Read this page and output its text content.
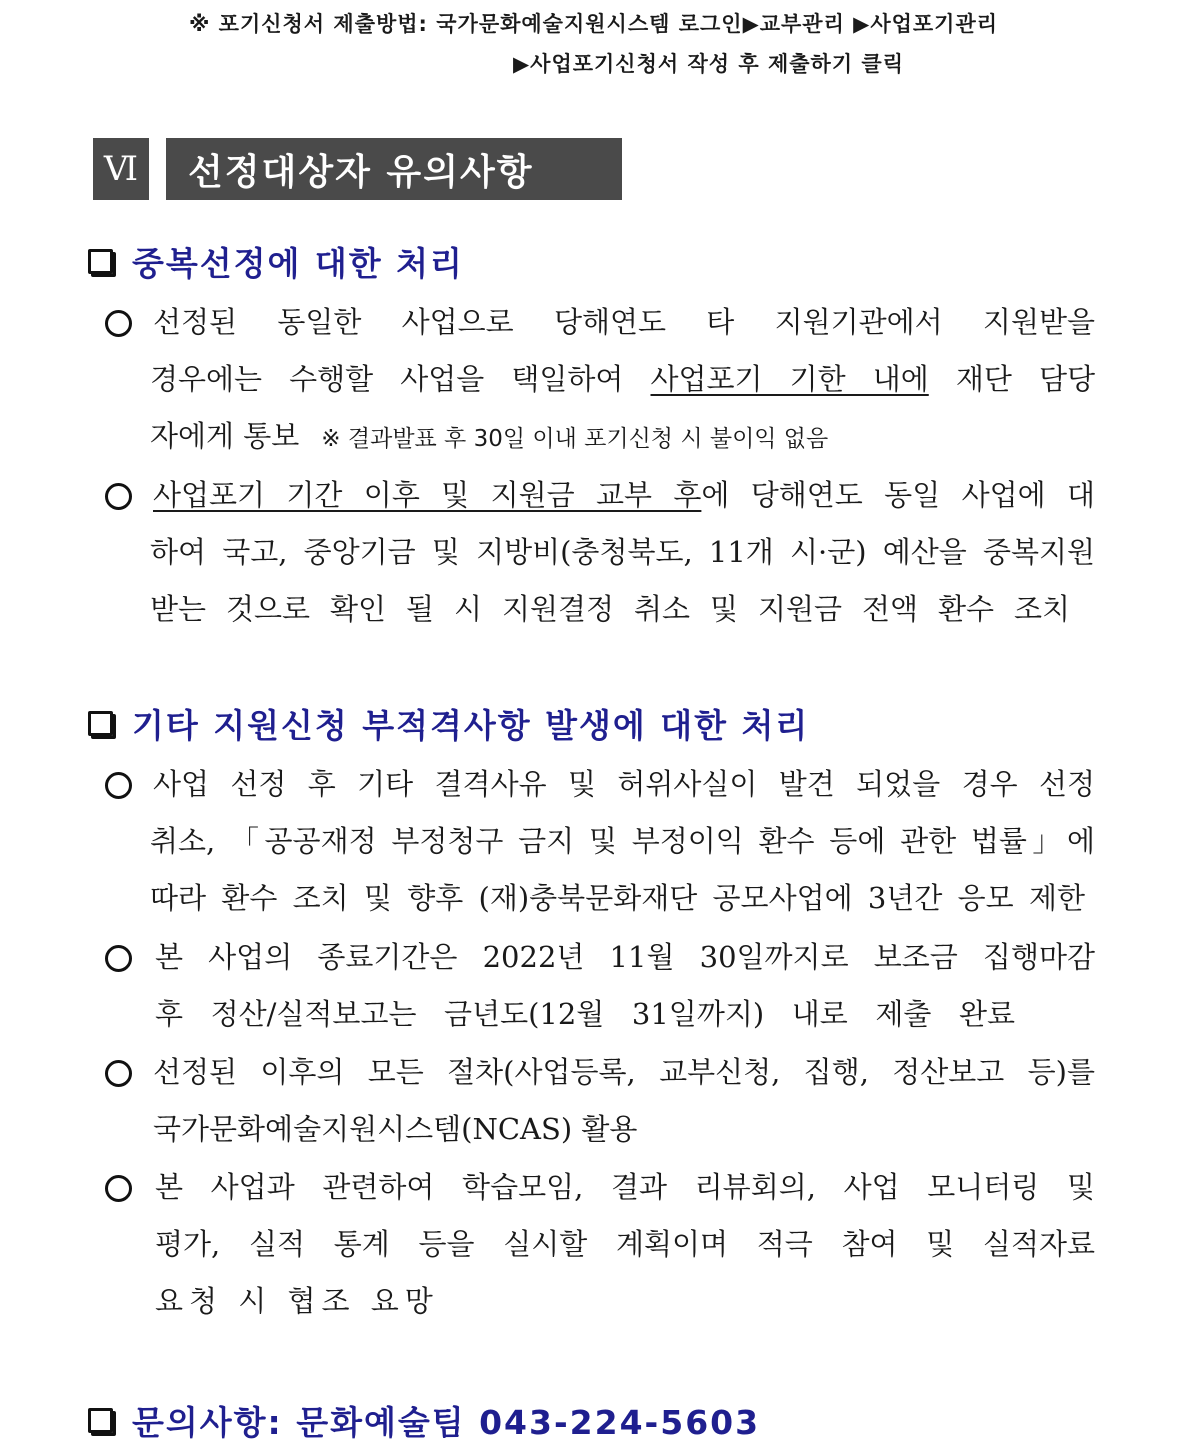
※ 포기신청서 제출방법: 국가문화예술지원시스템 로그인▶교부관리 ▶사업포기관리
▶사업포기신청서 작성 후 제출하기 클릭
Ⅵ	선정대상자 유의사항
중복선정에 대한 처리
선정된 동일한 사업으로 당해연도 타 지원기관에서 지원받을
경우에는 수행할 사업을 택일하여 사업포기 기한 내에 재단 담당
자에게 통보 ※ 결과발표 후 30일 이내 포기신청 시 불이익 없음
사업포기 기간 이후 및 지원금 교부 후에 당해연도 동일 사업에 대
하여 국고, 중앙기금 및 지방비(충청북도, 11개 시·군) 예산을 중복지원
받는 것으로 확인 될 시 지원결정 취소 및 지원금 전액 환수 조치
기타 지원신청 부적격사항 발생에 대한 처리
사업 선정 후 기타 결격사유 및 허위사실이 발견 되었을 경우 선정
취소, 「공공재정 부정청구 금지 및 부정이익 환수 등에 관한 법률」에
따라 환수 조치 및 향후 (재)충북문화재단 공모사업에 3년간 응모 제한
본 사업의 종료기간은 2022년 11월 30일까지로 보조금 집행마감
후 정산/실적보고는 금년도(12월 31일까지) 내로 제출 완료
선정된 이후의 모든 절차(사업등록, 교부신청, 집행, 정산보고 등)를
국가문화예술지원시스템(NCAS) 활용
본 사업과 관련하여 학습모임, 결과 리뷰회의, 사업 모니터링 및
평가, 실적 통계 등을 실시할 계획이며 적극 참여 및 실적자료
요청 시 협조 요망
문의사항: 문화예술팀 043-224-5603
